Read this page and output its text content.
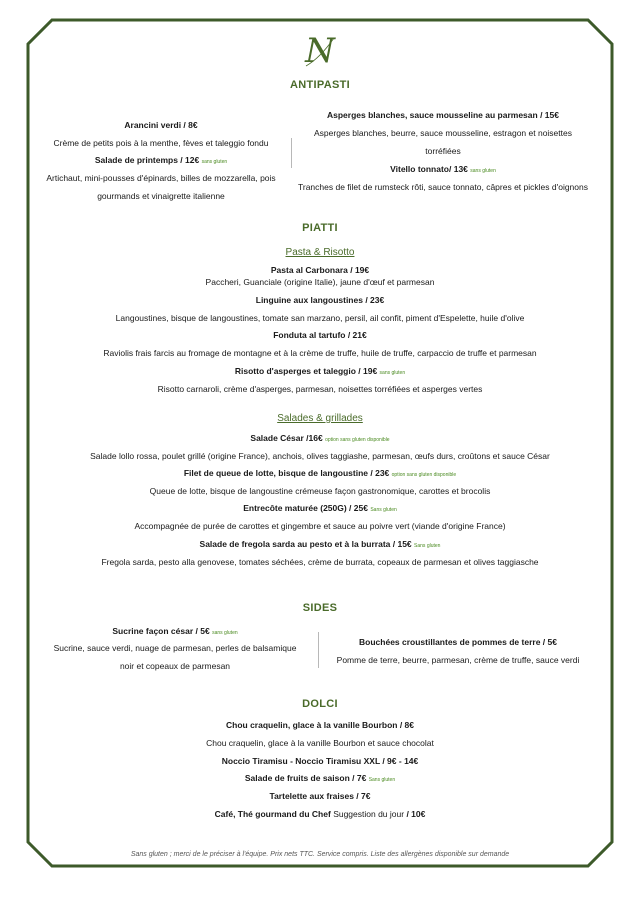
N
ANTIPASTI
Arancini verdi / 8€
Crème de petits pois à la menthe, fèves et taleggio fondu
Salade de printemps / 12€ sans gluten
Artichaut, mini-pousses d'épinards, billes de mozzarella, pois
gourmands et vinaigrette italienne
Asperges blanches, sauce mousseline au parmesan / 15€
Asperges blanches, beurre, sauce mousseline, estragon et noisettes
torréfiées
Vitello tonnato/ 13€ sans gluten
Tranches de filet de rumsteck rôti, sauce tonnato, câpres et pickles d'oignons
PIATTI
Pasta & Risotto
Pasta al Carbonara / 19€
Paccheri, Guanciale (origine Italie), jaune d'œuf et parmesan
Linguine aux langoustines / 23€
Langoustines, bisque de langoustines, tomate san marzano, persil, ail confit, piment d'Espelette, huile d'olive
Fonduta al tartufo / 21€
Raviolis frais farcis au fromage de montagne et à la crème de truffe, huile de truffe, carpaccio de truffe et parmesan
Risotto d'asperges et taleggio / 19€ sans gluten
Risotto carnaroli, crème d'asperges, parmesan, noisettes torréfiées et asperges vertes
Salades & grillades
Salade César /16€ option sans gluten disponible
Salade lollo rossa, poulet grillé (origine France), anchois, olives taggiashe, parmesan, œufs durs, croûtons et sauce César
Filet de queue de lotte, bisque de langoustine / 23€ option sans gluten disponible
Queue de lotte, bisque de langoustine crémeuse façon gastronomique, carottes et brocolis
Entrecôte maturée (250G) / 25€ Sans gluten
Accompagnée de purée de carottes et gingembre et sauce au poivre vert (viande d'origine France)
Salade de fregola sarda au pesto et à la burrata / 15€ Sans gluten
Fregola sarda, pesto alla genovese, tomates séchées, crème de burrata, copeaux de parmesan et olives taggiasche
SIDES
Sucrine façon césar / 5€ sans gluten
Sucrine, sauce verdi, nuage de parmesan, perles de balsamique
noir et copeaux de parmesan
Bouchées croustillantes de pommes de terre / 5€
Pomme de terre, beurre, parmesan, crème de truffe, sauce verdi
DOLCI
Chou craquelin, glace à la vanille Bourbon / 8€
Chou craquelin, glace à la vanille Bourbon et sauce chocolat
Noccio Tiramisu - Noccio Tiramisu XXL / 9€ - 14€
Salade de fruits de saison / 7€ Sans gluten
Tartelette aux fraises / 7€
Café, Thé gourmand du Chef Suggestion du jour / 10€
Sans gluten ; merci de le préciser à l'équipe. Prix nets TTC. Service compris. Liste des allergènes disponible sur demande
